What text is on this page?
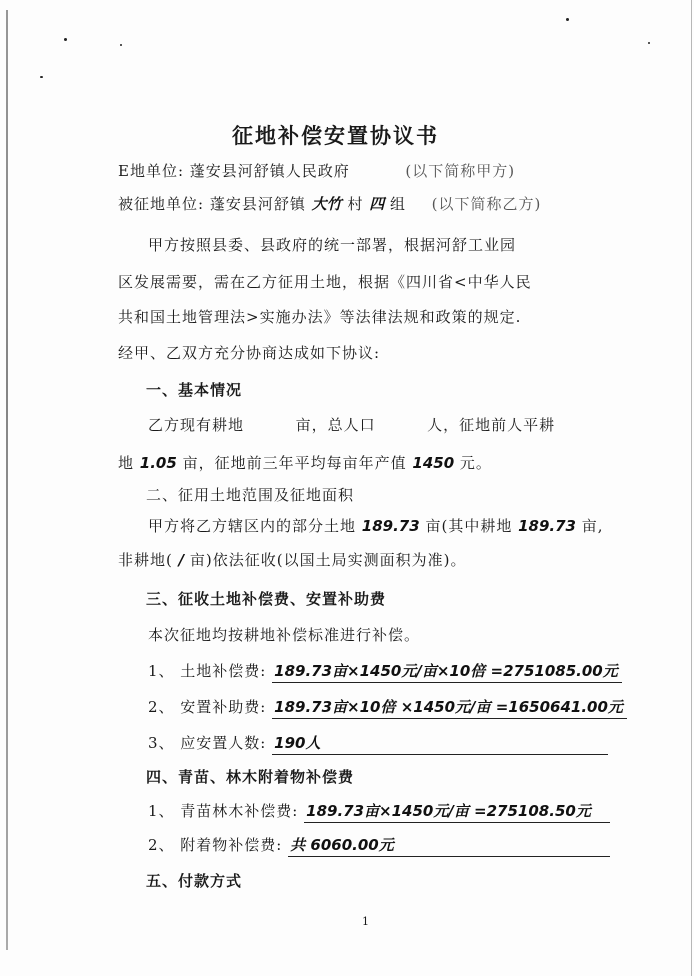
征地补偿安置协议书
E地单位: 蓬安县河舒镇人民政府	(以下简称甲方)
被征地单位: 蓬安县河舒镇 大竹 村 四 组 (以下简称乙方)
甲方按照县委、县政府的统一部署，根据河舒工业园
区发展需要，需在乙方征用土地，根据《四川省<中华人民
共和国土地管理法>实施办法》等法律法规和政策的规定.
经甲、乙双方充分协商达成如下协议:
一、基本情况
乙方现有耕地	亩，总人口	人，征地前人平耕
地 1.05 亩，征地前三年平均每亩年产值 1450 元。
二、征用土地范围及征地面积
甲方将乙方辖区内的部分土地 189.73 亩(其中耕地 189.73 亩,
非耕地( / 亩)依法征收(以国土局实测面积为准)。
三、征收土地补偿费、安置补助费
本次征地均按耕地补偿标准进行补偿。
1、 土地补偿费: 189.73亩×1450元/亩×10倍 =2751085.00元
2、 安置补助费: 189.73亩×10倍 ×1450元/亩 =1650641.00元
3、 应安置人数: 190人
四、青苗、林木附着物补偿费
1、 青苗林木补偿费: 189.73亩×1450元/亩 =275108.50元
2、 附着物补偿费: 共 6060.00元
五、付款方式
1
